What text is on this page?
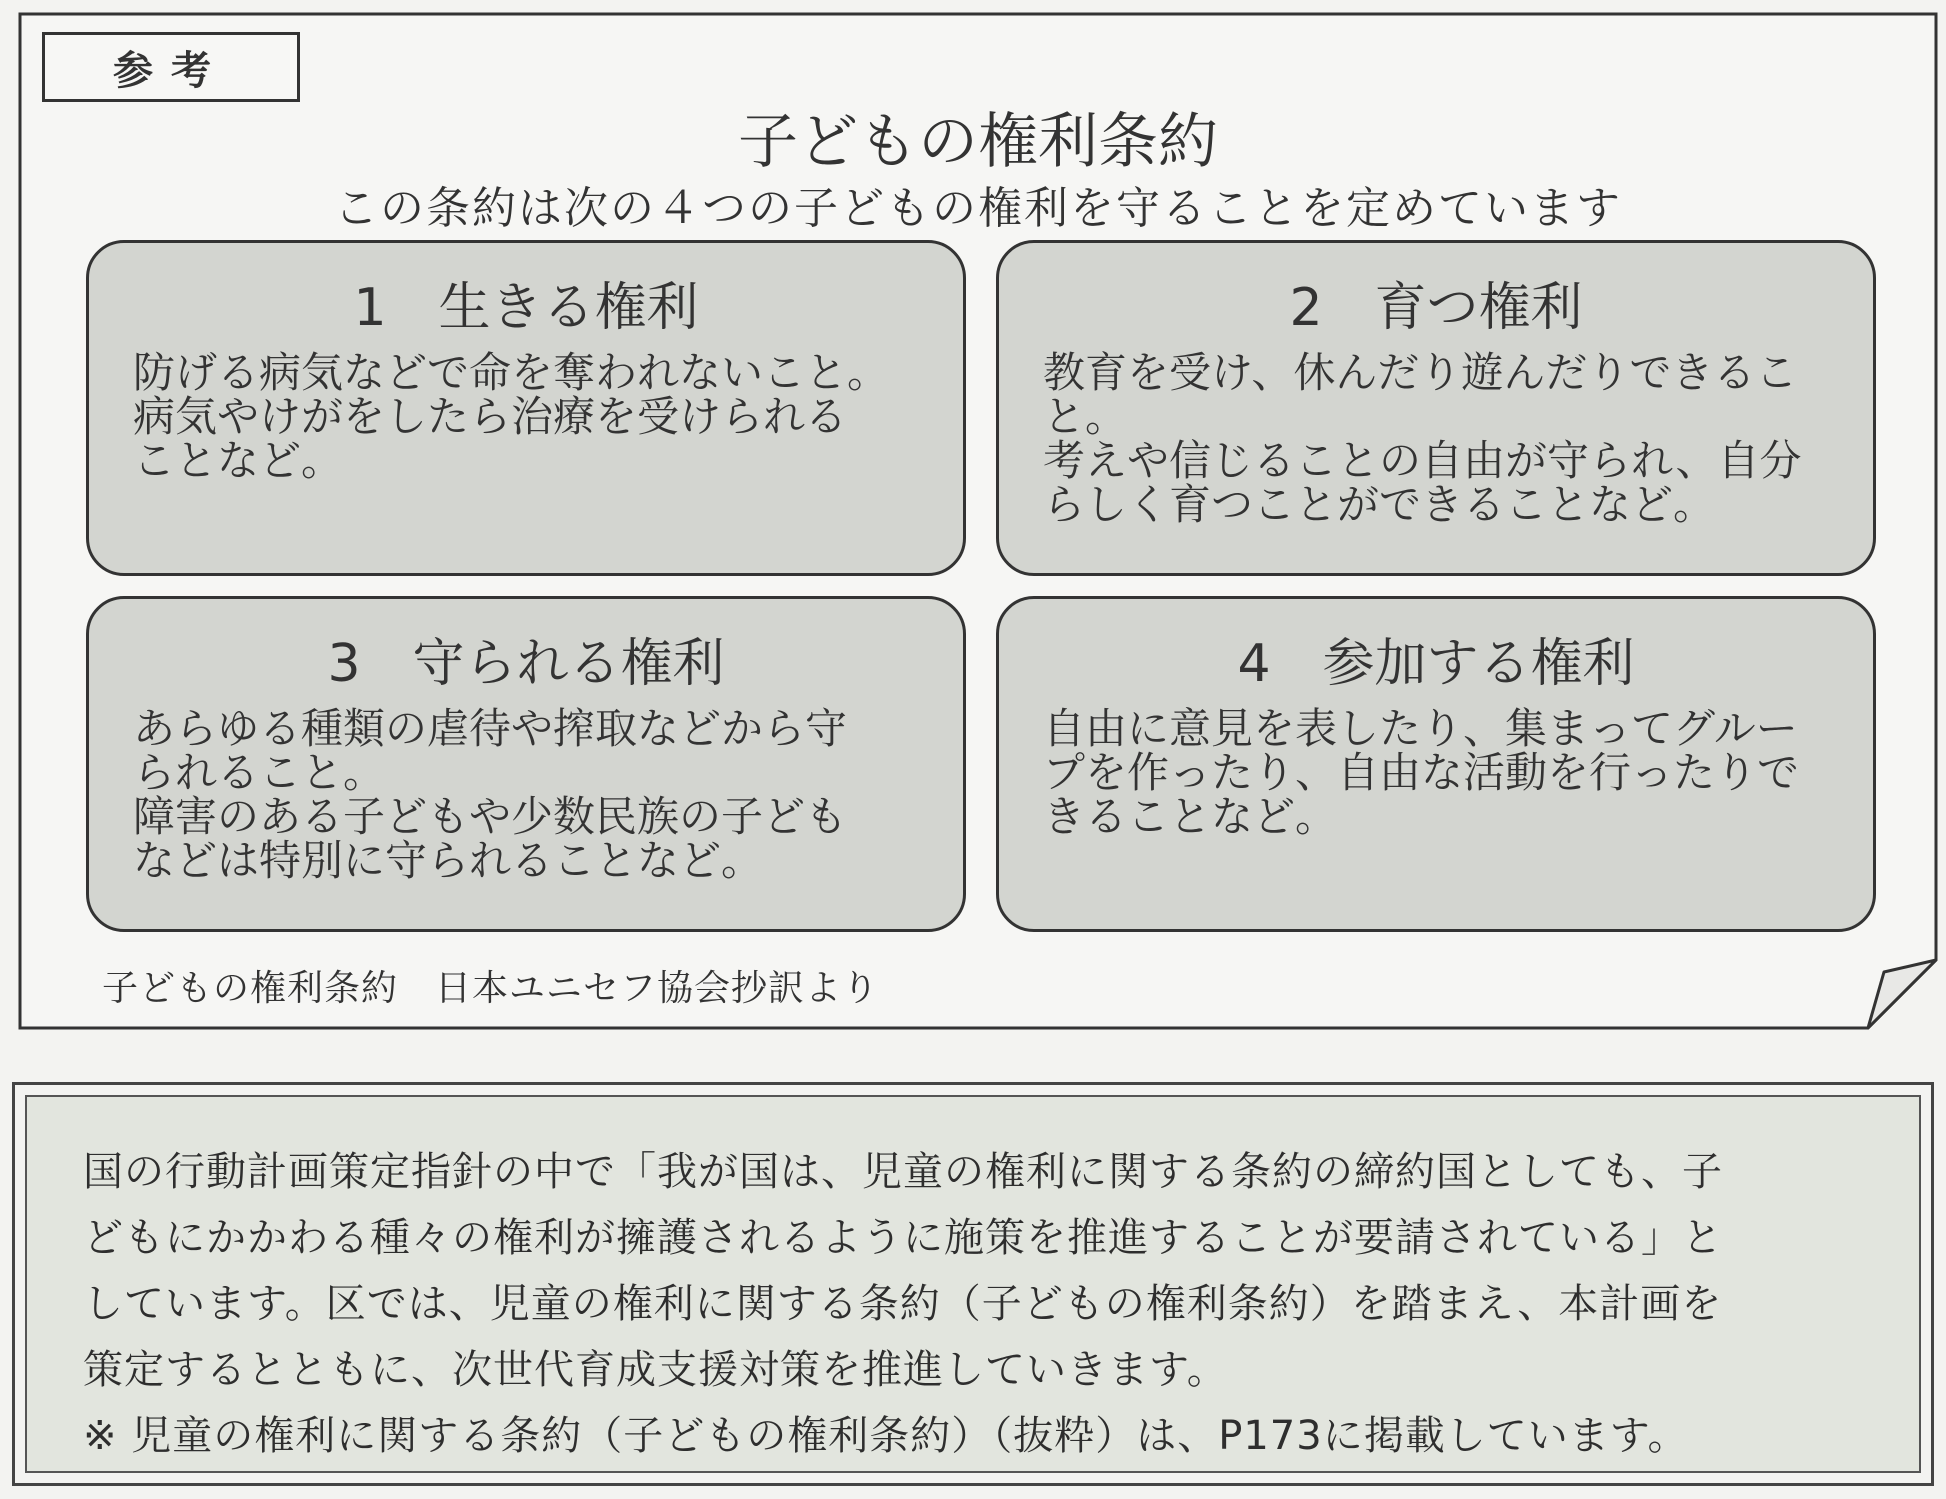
参考
子どもの権利条約
この条約は次の４つの子どもの権利を守ることを定めています
1　生きる権利

防げる病気などで命を奪われないこと。

病気やけがをしたら治療を受けられる

ことなど。

2　育つ権利

教育を受け、休んだり遊んだりできるこ

と。

考えや信じることの自由が守られ、自分

らしく育つことができることなど。

3　守られる権利

あらゆる種類の虐待や搾取などから守

られること。

障害のある子どもや少数民族の子ども

などは特別に守られることなど。

4　参加する権利

自由に意見を表したり、集まってグルー

プを作ったり、自由な活動を行ったりで

きることなど。

子どもの権利条約　日本ユニセフ協会抄訳より

国の行動計画策定指針の中で「我が国は、児童の権利に関する条約の締約国としても、子

どもにかかわる種々の権利が擁護されるように施策を推進することが要請されている」と

しています。区では、児童の権利に関する条約（子どもの権利条約）を踏まえ、本計画を

策定するとともに、次世代育成支援対策を推進していきます。

※ 児童の権利に関する条約（子どもの権利条約）（抜粋）は、P173に掲載しています。
